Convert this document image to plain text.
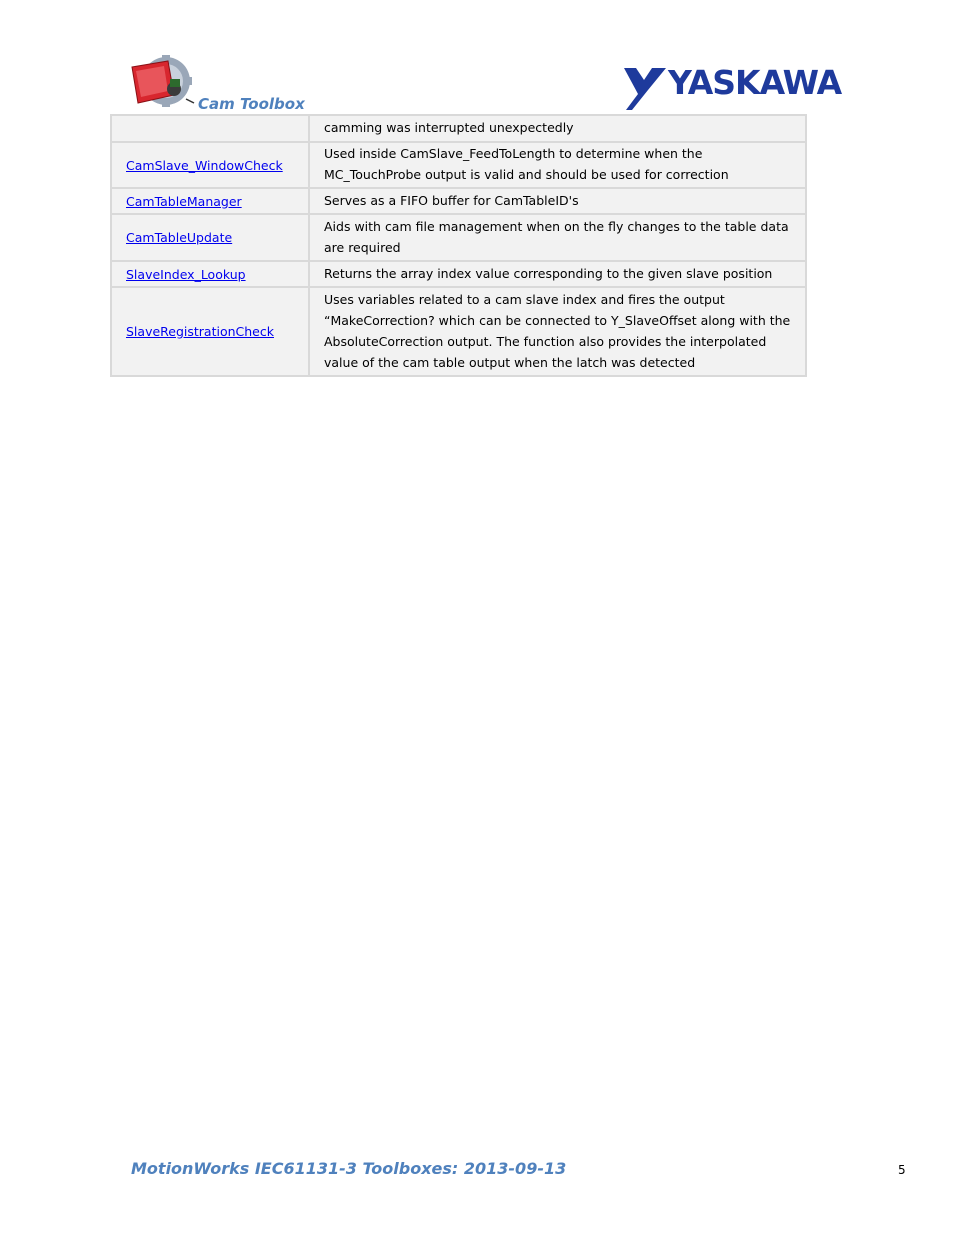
Cam Toolbox
YASKAWA
	camming was interrupted unexpectedly
CamSlave_WindowCheck	Used inside CamSlave_FeedToLength to determine when the MC_TouchProbe output is valid and should be used for correction
CamTableManager	Serves as a FIFO buffer for CamTableID's
CamTableUpdate	Aids with cam file management when on the fly changes to the table data are required
SlaveIndex_Lookup	Returns the array index value corresponding to the given slave position
SlaveRegistrationCheck	Uses variables related to a cam slave index and fires the output “MakeCorrection? which can be connected to Y_SlaveOffset along with the AbsoluteCorrection output. The function also provides the interpolated value of the cam table output when the latch was detected
MotionWorks IEC61131-3 Toolboxes: 2013-09-13	5
